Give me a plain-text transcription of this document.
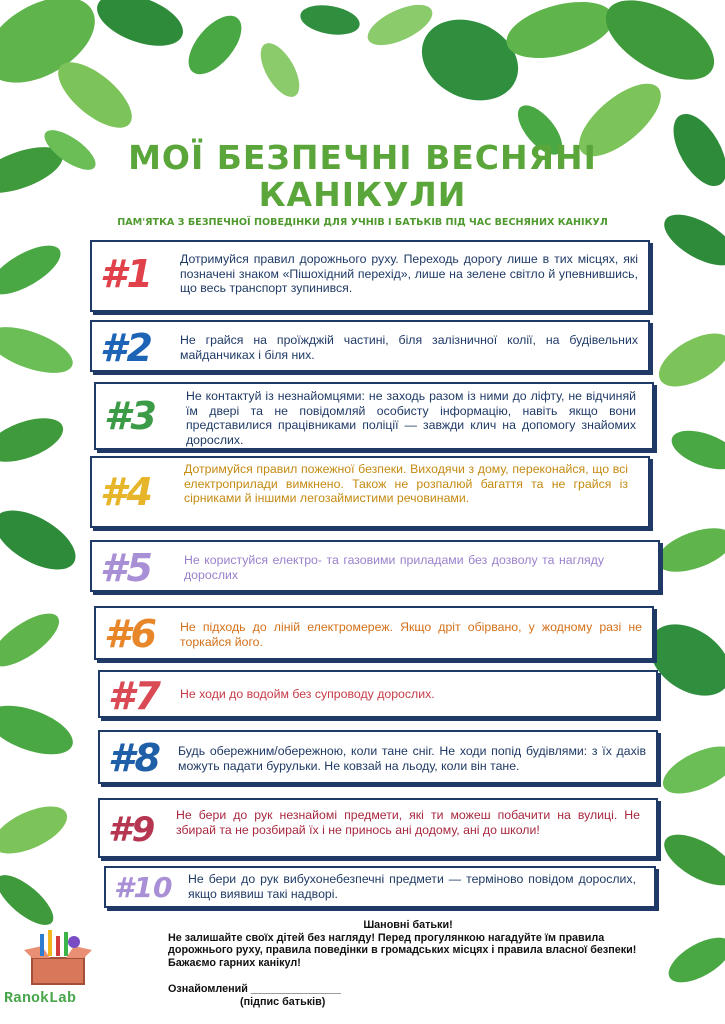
МОЇ БЕЗПЕЧНІ ВЕСНЯНІ
КАНІКУЛИ
ПАМ'ЯТКА З БЕЗПЕЧНОЇ ПОВЕДІНКИ ДЛЯ УЧНІВ І БАТЬКІВ ПІД ЧАС ВЕСНЯНИХ КАНІКУЛ
#1 Дотримуйся правил дорожнього руху. Переходь дорогу лише в тих місцях, які позначені знаком «Пішохідний перехід», лише на зелене світло й упевнившись, що весь транспорт зупинився.
#2 Не грайся на проїжджій частині, біля залізничної колії, на будівельних майданчиках і біля них.
#3 Не контактуй із незнайомцями: не заходь разом із ними до ліфту, не відчиняй їм двері та не повідомляй особисту інформацію, навіть якщо вони представилися працівниками поліції — завжди клич на допомогу знайомих дорослих.
#4
Дотримуйся правил пожежної безпеки. Виходячи з дому, переконайся, що всі електроприлади вимкнено. Також не розпалюй багаття та не грайся із сірниками й іншими легозаймистими речовинами.
#5	Не користуйся електро- та газовими приладами без дозволу та нагляду дорослих
#6 Не підходь до ліній електромереж. Якщо дріт обірвано, у жодному разі не торкайся його.
#7 Не ходи до водойм без супроводу дорослих.
#8 Будь обережним/обережною, коли тане сніг. Не ходи попід будівлями: з їх дахів можуть падати бурульки. Не ковзай на льоду, коли він тане.
#9 Не бери до рук незнайомі предмети, які ти можеш побачити на вулиці. Не збирай та не розбирай їх і не принось ані додому, ані до школи!
#10 Не бери до рук вибухонебезпечні предмети — терміново повідом дорослих, якщо виявиш такі надворі.
RanokLab
Шановні батьки!
Не залишайте своїх дітей без нагляду! Перед прогулянкою нагадуйте їм правила дорожнього руху, правила поведінки в громадських місцях і правила власної безпеки!
Бажаємо гарних канікул!
Ознайомлений _______________
(підпис батьків)
